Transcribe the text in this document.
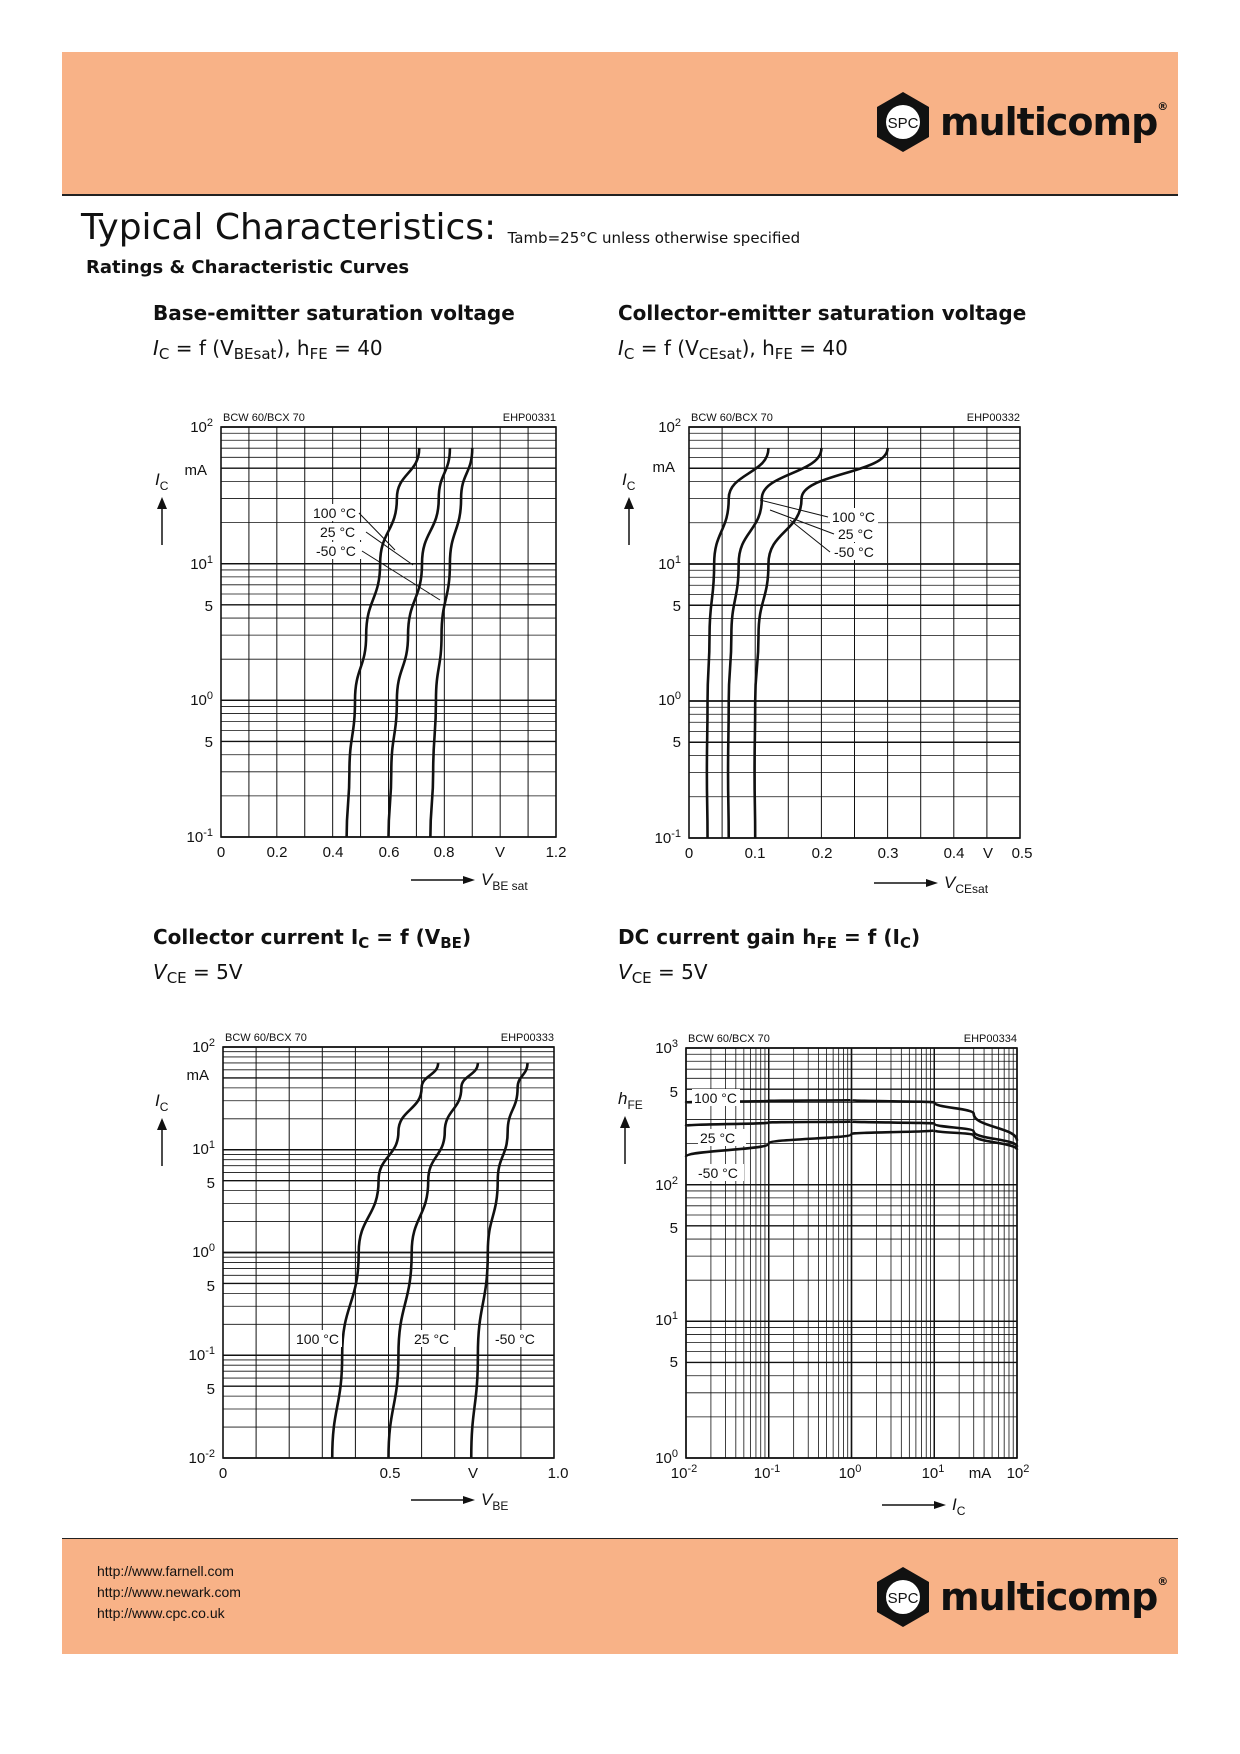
SPC multicomp®
Typical Characteristics: $_{Tamb=25^\circ C unless otherwise specified}$
Ratings & Characteristic Curves
Base-emitter saturation voltage
$I_C = f$ $(V_{BEsat})$, $h_{FE} = 40$
Collector-emitter saturation voltage
$I_C = f$ $(V_{CEsat})$, $h_{FE} = 40$
Collector current $I_C = f$ $(V_{BE})$
$V_{CE} = 5V$
DC current gain $h_{FE} = f$ $(I_C)$
$V_{CE} = 5V$
BCW 60/BCX 70	EHP00331
$10^2$
$10^1$
5
$10^0$
5
$10^{-1}$
mA
0	0.2 0.4 0.6 0.8	V	1.2
$I_C$
$V_{BE sat}$
100 °C
25 °C
-50 °C
BCW 60/BCX 70	EHP00332
$10^2$
$10^1$
5
$10^0$
5
$10^{-1}$
mA
0	0.1	0.2	0.3	0.4 V 0.5
$I_C$
$V_{CEsat}$
100 °C
25 °C
-50 °C
BCW 60/BCX 70	EHP00333
$10^2$
$10^1$
5
$10^0$
5
$10^{-1}$
5
$10^{-2}$
mA
0	0.5	V	1.0
$I_C$
$V_{BE}$
100 °C	25 °C	-50 °C
BCW 60/BCX 70	EHP00334
$10^3$
5
$10^2$
5
$10^1$
5
$10^0$
$10^{-2}$	$10^{-1}$	$10^0$	$10^1$ mA $10^2$
$h_{FE}$
$I_C$
100 °C
25 °C
-50 °C
http://www.farnell.com
http://www.newark.com
http://www.cpc.co.uk
SPC multicomp®
